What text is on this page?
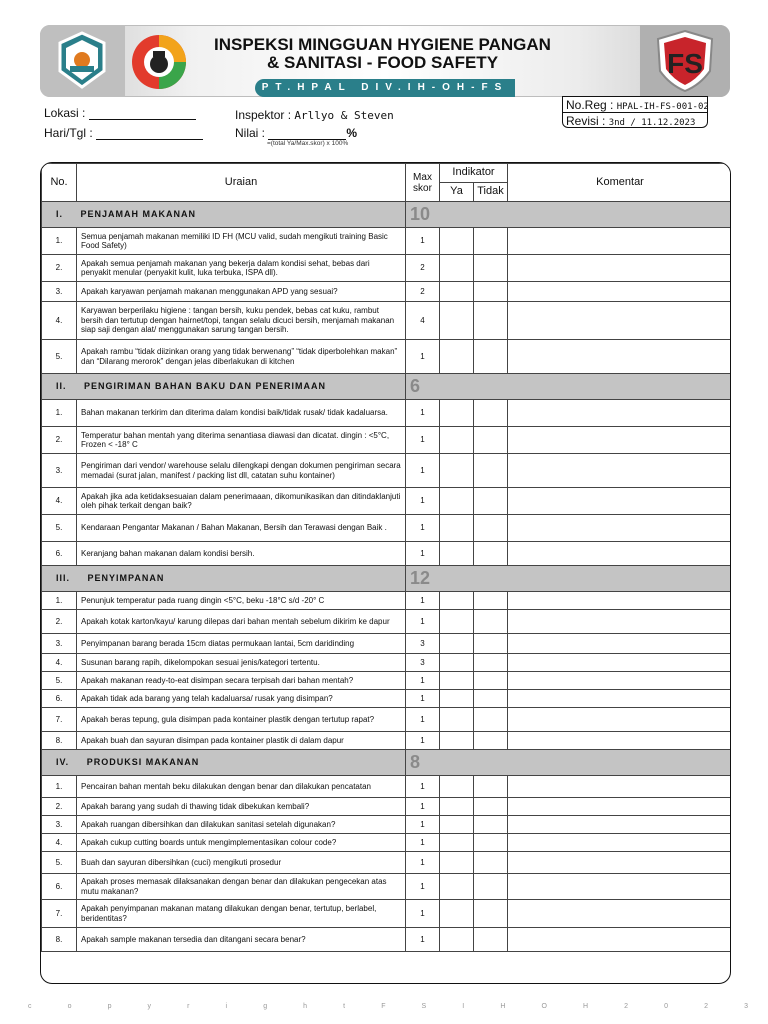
FS
INSPEKSI MINGGUAN HYGIENE PANGAN
& SANITASI - FOOD SAFETY
PT.HPAL DIV.IH-OH-FS
Lokasi :
Hari/Tgl :
Inspektor : Arllyo & Steven
Nilai :	%
=(total Ya/Max.skor) x 100%
No.Reg : HPAL-IH-FS-001-02
Revisi : 3nd / 11.12.2023
No.	Uraian	Max skor	Indikator		Komentar
			Ya	Tidak	
I. PENJAMAH MAKANAN		10			
1.	Semua penjamah makanan memiliki ID FH (MCU valid, sudah mengikuti training Basic Food Safety)	1			
2.	Apakah semua penjamah makanan yang bekerja dalam kondisi sehat, bebas dari penyakit menular (penyakit kulit, luka terbuka, ISPA dll).	2			
3.	Apakah karyawan penjamah makanan menggunakan APD yang sesuai?	2			
4.	Karyawan berperilaku higiene : tangan bersih, kuku pendek, bebas cat kuku, rambut bersih dan tertutup dengan hairnet/topi, tangan selalu dicuci bersih, menjamah makanan siap saji dengan alat/ menggunakan sarung tangan bersih.	4			
5.	Apakah rambu “tidak diizinkan orang yang tidak berwenang” “tidak diperbolehkan makan” dan “Dilarang merorok” dengan jelas diberlakukan di kitchen	1			
II. PENGIRIMAN BAHAN BAKU DAN PENERIMAAN		6			
1.	Bahan makanan terkirim dan diterima dalam kondisi baik/tidak rusak/ tidak kadaluarsa.	1			
2.	Temperatur bahan mentah yang diterima senantiasa diawasi dan dicatat. dingin : <5°C, Frozen < -18° C	1			
3.	Pengiriman dari vendor/ warehouse selalu dilengkapi dengan dokumen pengiriman secara memadai (surat jalan, manifest / packing list dll, catatan suhu kontainer)	1			
4.	Apakah jika ada ketidaksesuaian dalam penerimaaan, dikomunikasikan dan ditindaklanjuti oleh pihak terkait dengan baik?	1			
5.	Kendaraan Pengantar Makanan / Bahan Makanan, Bersih dan Terawasi dengan Baik .	1			
6.	Keranjang bahan makanan dalam kondisi bersih.	1			
III. PENYIMPANAN		12			
1.	Penunjuk temperatur pada ruang dingin <5°C, beku -18°C s/d -20° C	1			
2.	Apakah kotak karton/kayu/ karung dilepas dari bahan mentah sebelum dikirim ke dapur	1			
3.	Penyimpanan barang berada 15cm diatas permukaan lantai, 5cm daridinding	3			
4.	Susunan barang rapih, dikelompokan sesuai jenis/kategori tertentu.	3			
5.	Apakah makanan ready-to-eat disimpan secara terpisah dari bahan mentah?	1			
6.	Apakah tidak ada barang yang telah kadaluarsa/ rusak yang disimpan?	1			
7.	Apakah beras tepung, gula disimpan pada kontainer plastik dengan tertutup rapat?	1			
8.	Apakah buah dan sayuran disimpan pada kontainer plastik di dalam dapur	1			
IV. PRODUKSI MAKANAN		8			
1.	Pencairan bahan mentah beku dilakukan dengan benar dan dilakukan pencatatan	1			
2.	Apakah barang yang sudah di thawing tidak dibekukan kembali?	1			
3.	Apakah ruangan dibersihkan dan dilakukan sanitasi setelah digunakan?	1			
4.	Apakah cukup cutting boards untuk mengimplementasikan colour code?	1			
5.	Buah dan sayuran dibersihkan (cuci) mengikuti prosedur	1			
6.	Apakah proses memasak dilaksanakan dengan benar dan dilakukan pengecekan atas mutu makanan?	1			
7.	Apakah penyimpanan makanan matang dilakukan dengan benar, tertutup, berlabel, beridentitas?	1			
8.	Apakah sample makanan tersedia dan ditangani secara benar?	1			
c	o	p	y	r	i	g	h	t	F	S	I	H	O	H	2	0	2	3
